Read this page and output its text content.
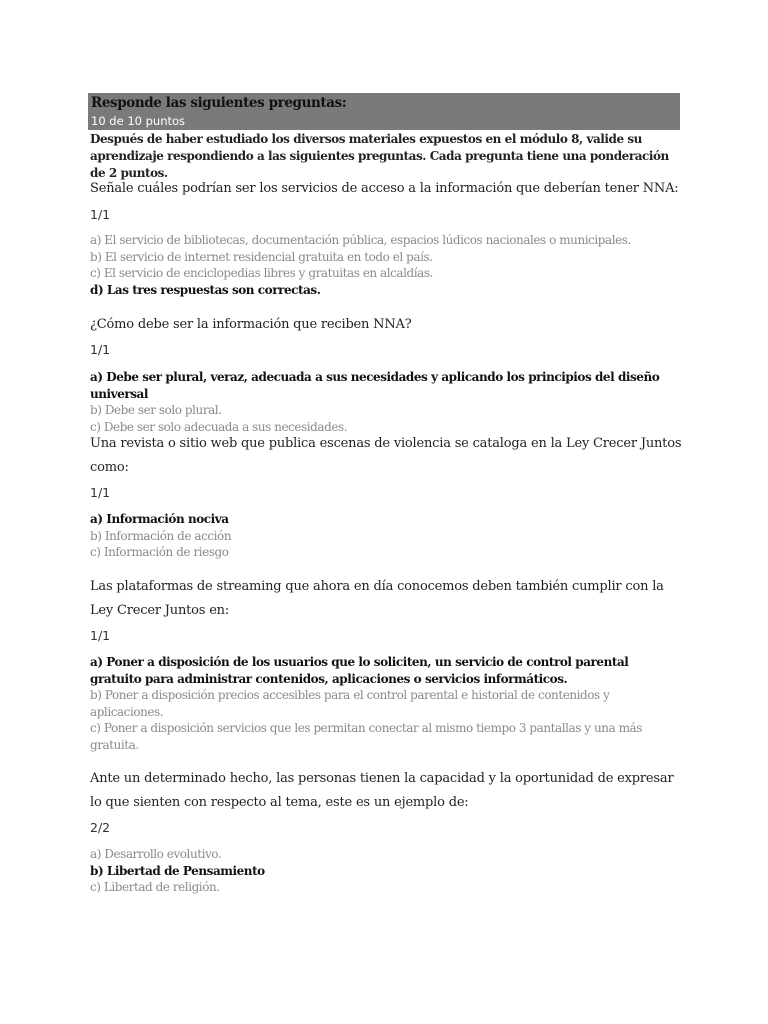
Responde las siguientes preguntas:
10 de 10 puntos
Después de haber estudiado los diversos materiales expuestos en el módulo 8, valide su aprendizaje respondiendo a las siguientes preguntas. Cada pregunta tiene una ponderación de 2 puntos.
Señale cuáles podrían ser los servicios de acceso a la información que deberían tener NNA:
1/1
a) El servicio de bibliotecas, documentación pública, espacios lúdicos nacionales o municipales.
b) El servicio de internet residencial gratuita en todo el país.
c) El servicio de enciclopedias libres y gratuitas en alcaldías.
d) Las tres respuestas son correctas.
¿Cómo debe ser la información que reciben NNA?
1/1
a) Debe ser plural, veraz, adecuada a sus necesidades y aplicando los principios del diseño universal
b) Debe ser solo plural.
c) Debe ser solo adecuada a sus necesidades.
Una revista o sitio web que publica escenas de violencia se cataloga en la Ley Crecer Juntos como:
1/1
a) Información nociva
b) Información de acción
c) Información de riesgo
Las plataformas de streaming que ahora en día conocemos deben también cumplir con la Ley Crecer Juntos en:
1/1
a) Poner a disposición de los usuarios que lo soliciten, un servicio de control parental gratuito para administrar contenidos, aplicaciones o servicios informáticos.
b) Poner a disposición precios accesibles para el control parental e historial de contenidos y aplicaciones.
c) Poner a disposición servicios que les permitan conectar al mismo tiempo 3 pantallas y una más gratuita.
Ante un determinado hecho, las personas tienen la capacidad y la oportunidad de expresar lo que sienten con respecto al tema, este es un ejemplo de:
2/2
a) Desarrollo evolutivo.
b) Libertad de Pensamiento
c) Libertad de religión.
